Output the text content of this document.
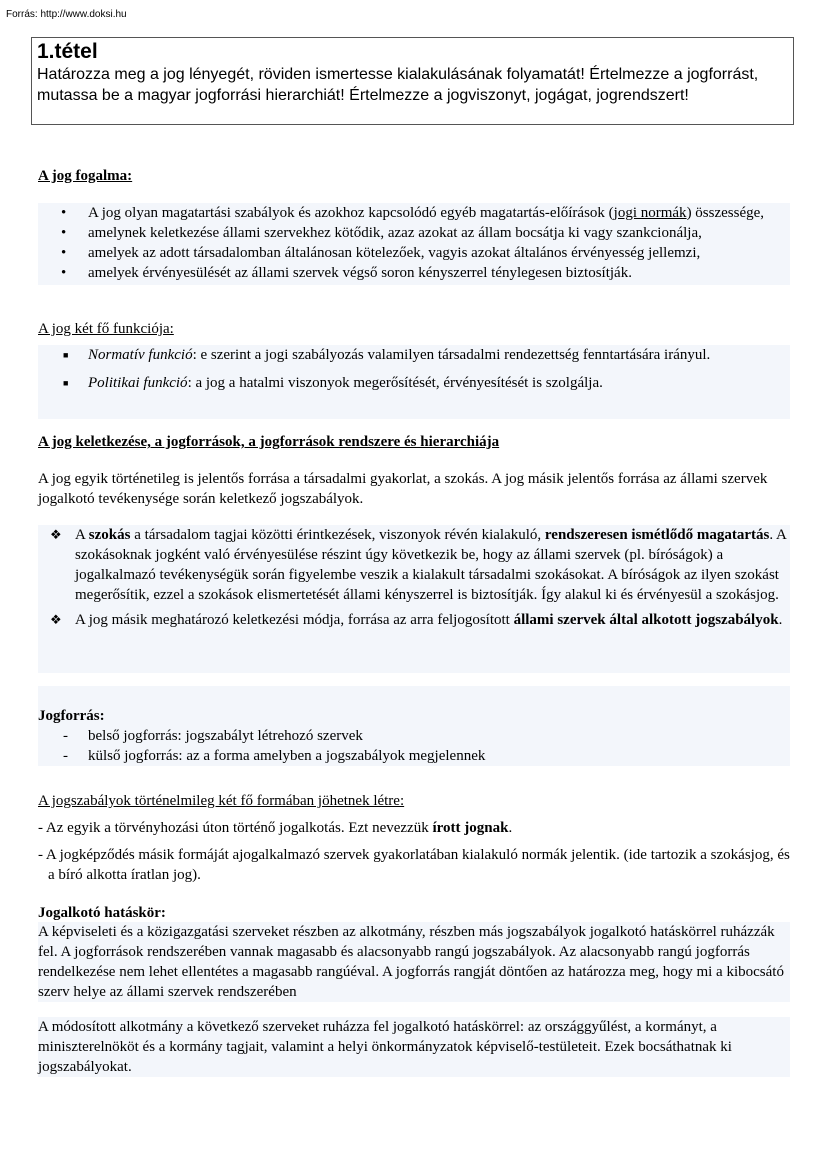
Forrás: http://www.doksi.hu
1.tétel
Határozza meg a jog lényegét, röviden ismertesse kialakulásának folyamatát! Értelmezze a jogforrást, mutassa be a magyar jogforrási hierarchiát! Értelmezze a jogviszonyt, jogágat, jogrendszert!
A jog fogalma:
• A jog olyan magatartási szabályok és azokhoz kapcsolódó egyéb magatartás-előírások (jogi normák) összessége,
• amelynek keletkezése állami szervekhez kötődik, azaz azokat az állam bocsátja ki vagy szankcionálja,
• amelyek az adott társadalomban általánosan kötelezőek, vagyis azokat általános érvényesség jellemzi,
• amelyek érvényesülését az állami szervek végső soron kényszerrel ténylegesen biztosítják.
A jog két fő funkciója:
■ Normatív funkció: e szerint a jogi szabályozás valamilyen társadalmi rendezettség fenntartására irányul.
■ Politikai funkció: a jog a hatalmi viszonyok megerősítését, érvényesítését is szolgálja.
A jog keletkezése, a jogforrások, a jogforrások rendszere és hierarchiája

A jog egyik történetileg is jelentős forrása a társadalmi gyakorlat, a szokás. A jog másik jelentős forrása az állami szervek jogalkotó tevékenysége során keletkező jogszabályok.

❖ A szokás a társadalom tagjai közötti érintkezések, viszonyok révén kialakuló, rendszeresen ismétlődő magatartás. A szokásoknak jogként való érvényesülése részint úgy következik be, hogy az állami szervek (pl. bíróságok) a jogalkalmazó tevékenységük során figyelembe veszik a kialakult társadalmi szokásokat. A bíróságok az ilyen szokást megerősítik, ezzel a szokások elismertetését állami kényszerrel is biztosítják. Így alakul ki és érvényesül a szokásjog.
❖ A jog másik meghatározó keletkezési módja, forrása az arra feljogosított állami szervek által alkotott jogszabályok.
Jogforrás:
- belső jogforrás: jogszabályt létrehozó szervek
- külső jogforrás: az a forma amelyben a jogszabályok megjelennek
A jogszabályok történelmileg két fő formában jöhetnek létre:

- Az egyik a törvényhozási úton történő jogalkotás. Ezt nevezzük írott jognak.

- A jogképződés másik formáját ajogalkalmazó szervek gyakorlatában kialakuló normák jelentik. (ide tartozik a szokásjog, és a bíró alkotta íratlan jog).

Jogalkotó hatáskör:

A képviseleti és a közigazgatási szerveket részben az alkotmány, részben más jogszabályok jogalkotó hatáskörrel ruházzák fel. A jogforrások rendszerében vannak magasabb és alacsonyabb rangú jogszabályok. Az alacsonyabb rangú jogforrás rendelkezése nem lehet ellentétes a magasabb rangúéval. A jogforrás rangját döntően az határozza meg, hogy mi a kibocsátó szerv helye az állami szervek rendszerében

A módosított alkotmány a következő szerveket ruházza fel jogalkotó hatáskörrel: az országgyűlést, a kormányt, a miniszterelnököt és a kormány tagjait, valamint a helyi önkormányzatok képviselő-testületeit. Ezek bocsáthatnak ki jogszabályokat.
